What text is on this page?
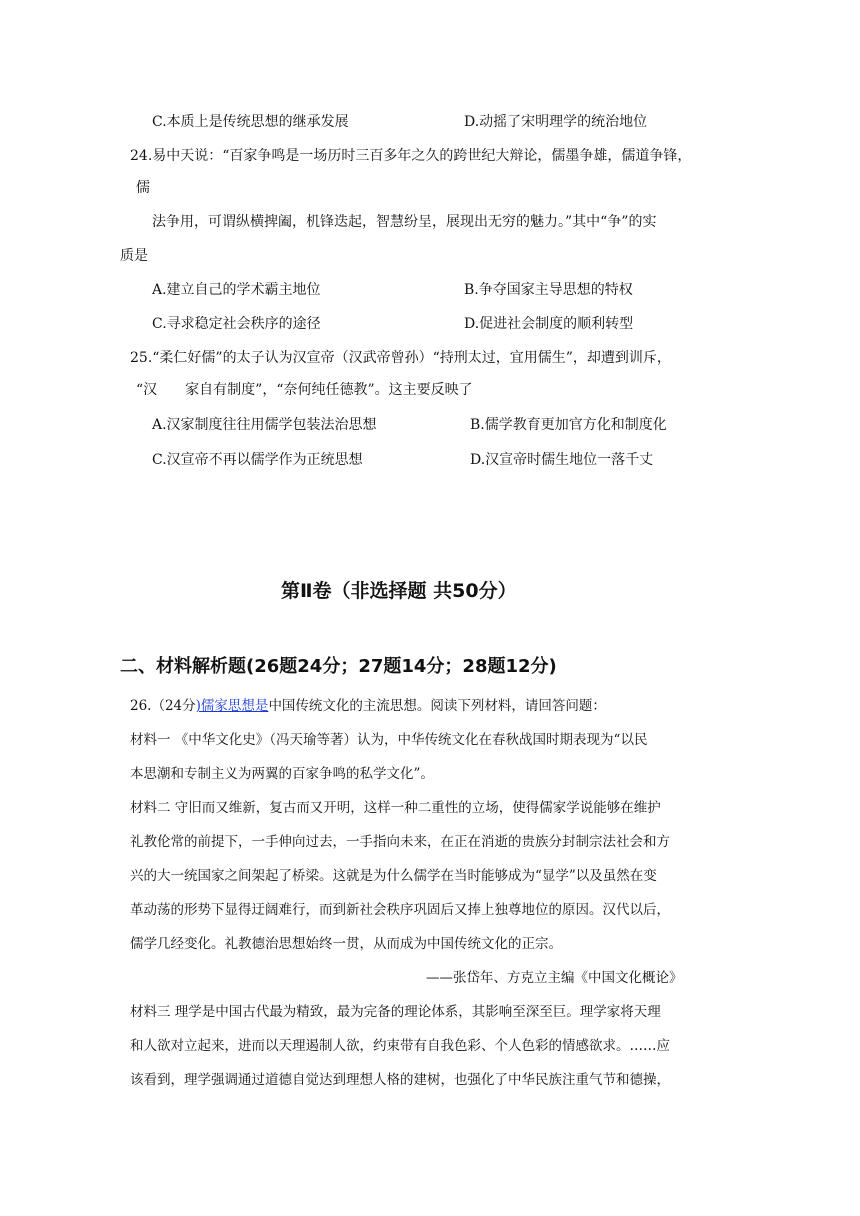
C.本质上是传统思想的继承发展	D.动摇了宋明理学的统治地位
24.易中天说：“百家争鸣是一场历时三百多年之久的跨世纪大辩论，儒墨争雄，儒道争锋，
儒
法争用，可谓纵横捭阖，机锋迭起，智慧纷呈，展现出无穷的魅力。”其中“争”的实
质是
A.建立自己的学术霸主地位	B.争夺国家主导思想的特权
C.寻求稳定社会秩序的途径	D.促进社会制度的顺利转型
25.“柔仁好儒”的太子认为汉宣帝（汉武帝曾孙）“持刑太过，宜用儒生”，却遭到训斥，
“汉　　家自有制度”，“奈何纯任德教”。这主要反映了
A.汉家制度往往用儒学包装法治思想	B.儒学教育更加官方化和制度化
C.汉宣帝不再以儒学作为正统思想	D.汉宣帝时儒生地位一落千丈
第Ⅱ卷（非选择题 共50分）
二、材料解析题(26题24分；27题14分；28题12分)
26.（24分)儒家思想是中国传统文化的主流思想。阅读下列材料，请回答问题：
材料一 《中华文化史》（冯天瑜等著）认为，中华传统文化在春秋战国时期表现为“以民
本思潮和专制主义为两翼的百家争鸣的私学文化”。
材料二 守旧而又维新，复古而又开明，这样一种二重性的立场，使得儒家学说能够在维护
礼教伦常的前提下，一手伸向过去，一手指向未来，在正在消逝的贵族分封制宗法社会和方
兴的大一统国家之间架起了桥梁。这就是为什么儒学在当时能够成为“显学”以及虽然在变
革动荡的形势下显得迂阔难行，而到新社会秩序巩固后又捧上独尊地位的原因。汉代以后，
儒学几经变化。礼教德治思想始终一贯，从而成为中国传统文化的正宗。
——张岱年、方克立主编《中国文化概论》
材料三 理学是中国古代最为精致，最为完备的理论体系，其影响至深至巨。理学家将天理
和人欲对立起来，进而以天理遏制人欲，约束带有自我色彩、个人色彩的情感欲求。……应
该看到，理学强调通过道德自觉达到理想人格的建树，也强化了中华民族注重气节和德操，
